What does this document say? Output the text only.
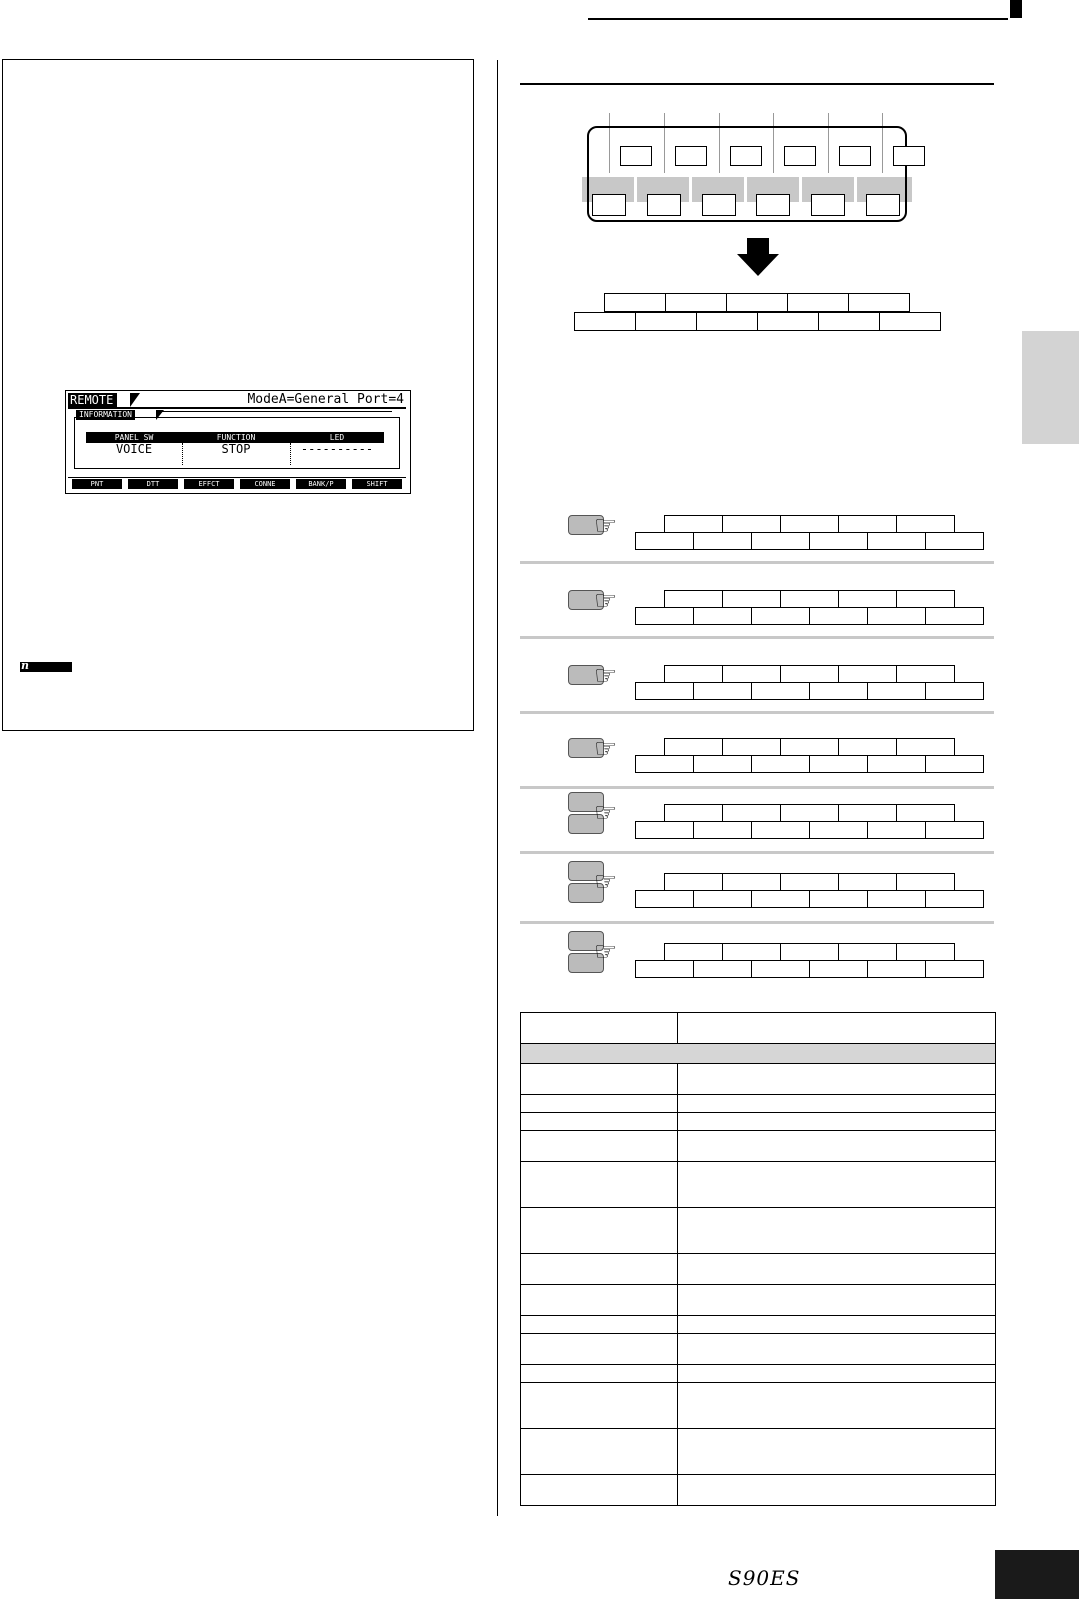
REMOTE	ModeA=General Port=4
INFORMATION
PANEL SW	FUNCTION	LED
VOICE	STOP	----------
PNT	DTT	EFFCT	CONNE	BANK/P	SHIFT
n
☞
☞
☞
☞
☞
☞
☞

S90ES
